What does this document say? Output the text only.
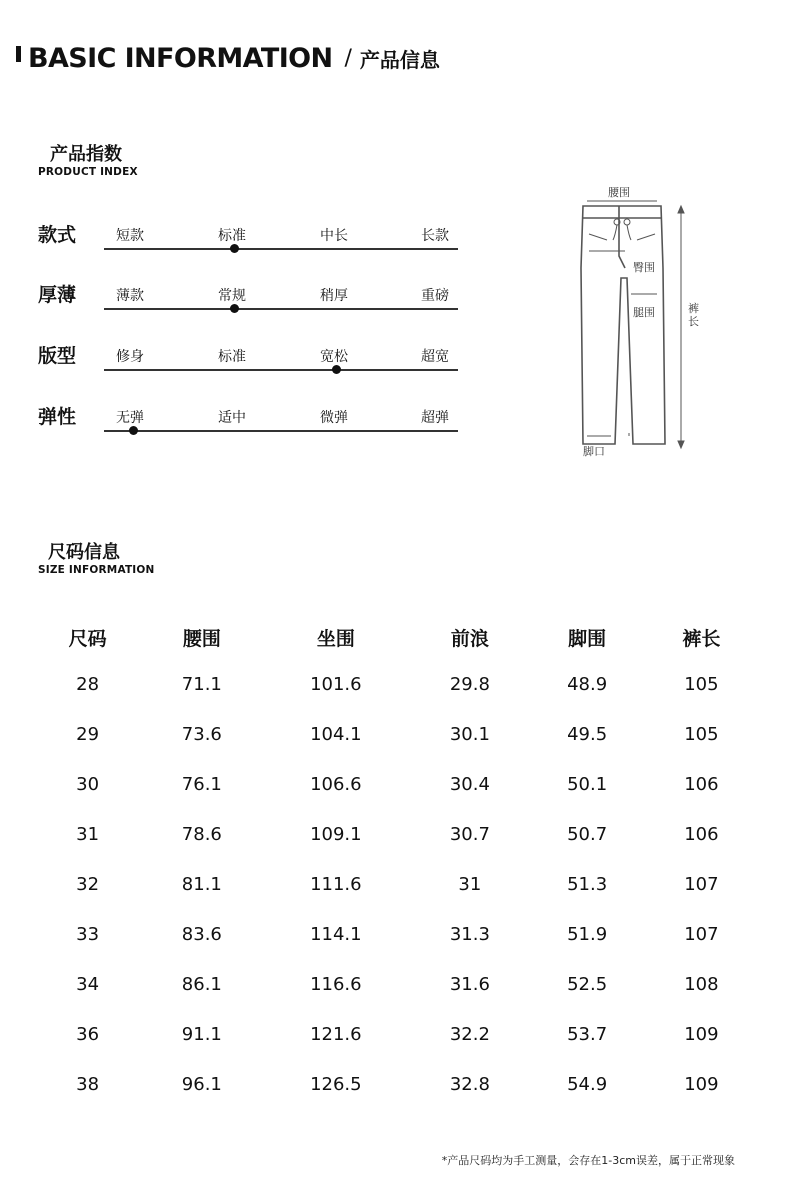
BASIC INFORMATION / 产品信息
产品指数
PRODUCT INDEX
款式	短款	标准	中长	长款
厚薄	薄款	常规	稍厚	重磅
版型	修身	标准	宽松	超宽
弹性	无弹	适中	微弹	超弹
腰围
臀围
腿围	裤长
脚口
尺码信息
SIZE INFORMATION
尺码	腰围	坐围	前浪	脚围	裤长
28	71.1	101.6	29.8	48.9	105
29	73.6	104.1	30.1	49.5	105
30	76.1	106.6	30.4	50.1	106
31	78.6	109.1	30.7	50.7	106
32	81.1	111.6	31	51.3	107
33	83.6	114.1	31.3	51.9	107
34	86.1	116.6	31.6	52.5	108
36	91.1	121.6	32.2	53.7	109
38	96.1	126.5	32.8	54.9	109
*产品尺码均为手工测量，会存在1-3cm误差，属于正常现象
